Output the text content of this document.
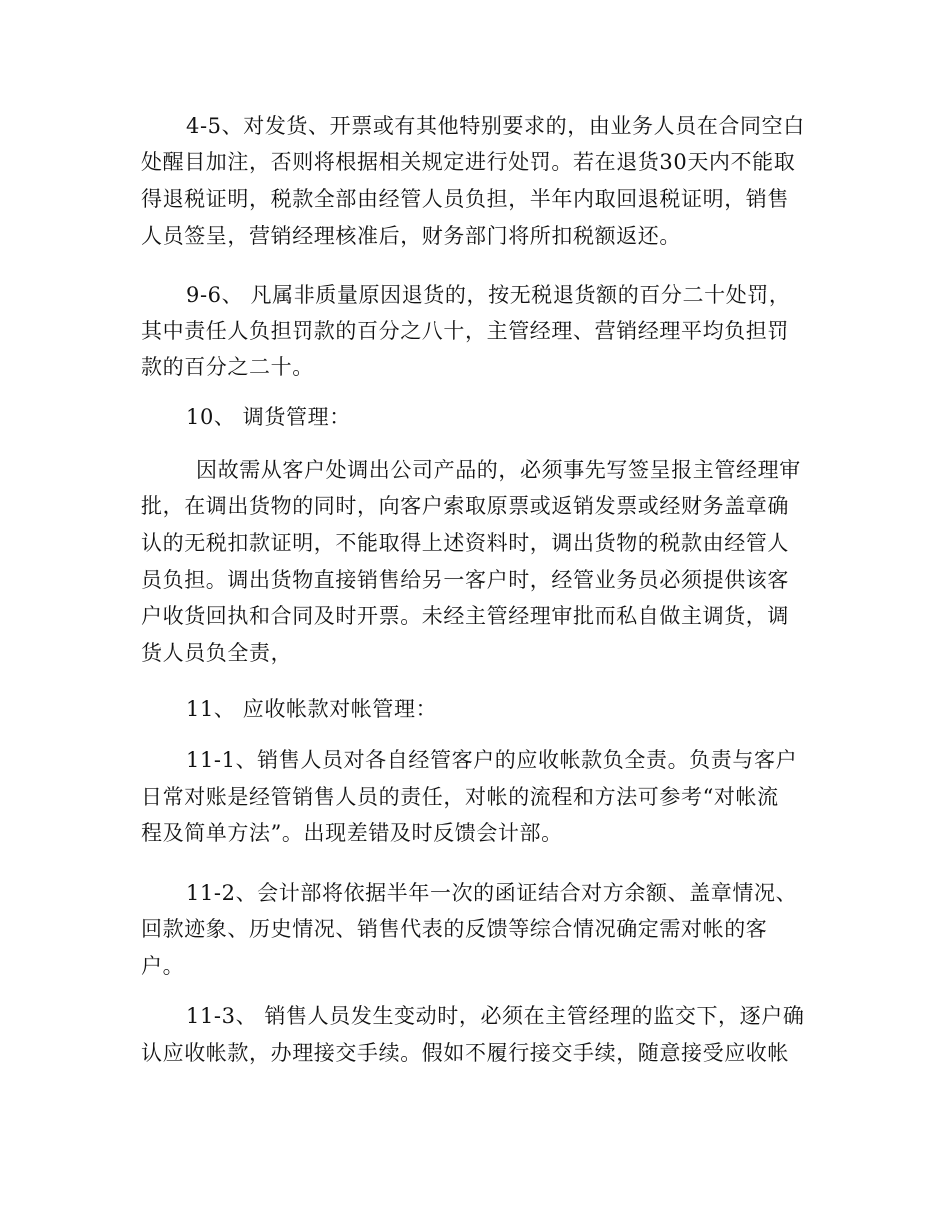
4-5、对发货、开票或有其他特别要求的，由业务人员在合同空白
处醒目加注，否则将根据相关规定进行处罚。若在退货30天内不能取
得退税证明，税款全部由经管人员负担，半年内取回退税证明，销售
人员签呈，营销经理核准后，财务部门将所扣税额返还。
9-6、 凡属非质量原因退货的，按无税退货额的百分二十处罚，
其中责任人负担罚款的百分之八十，主管经理、营销经理平均负担罚
款的百分之二十。
10、 调货管理：
因故需从客户处调出公司产品的，必须事先写签呈报主管经理审
批，在调出货物的同时，向客户索取原票或返销发票或经财务盖章确
认的无税扣款证明，不能取得上述资料时，调出货物的税款由经管人
员负担。调出货物直接销售给另一客户时，经管业务员必须提供该客
户收货回执和合同及时开票。未经主管经理审批而私自做主调货，调
货人员负全责，
11、 应收帐款对帐管理：
11-1、销售人员对各自经管客户的应收帐款负全责。负责与客户
日常对账是经管销售人员的责任，对帐的流程和方法可参考“对帐流
程及简单方法”。出现差错及时反馈会计部。
11-2、会计部将依据半年一次的函证结合对方余额、盖章情况、
回款迹象、历史情况、销售代表的反馈等综合情况确定需对帐的客
户。
11-3、 销售人员发生变动时，必须在主管经理的监交下，逐户确
认应收帐款，办理接交手续。假如不履行接交手续，随意接受应收帐
